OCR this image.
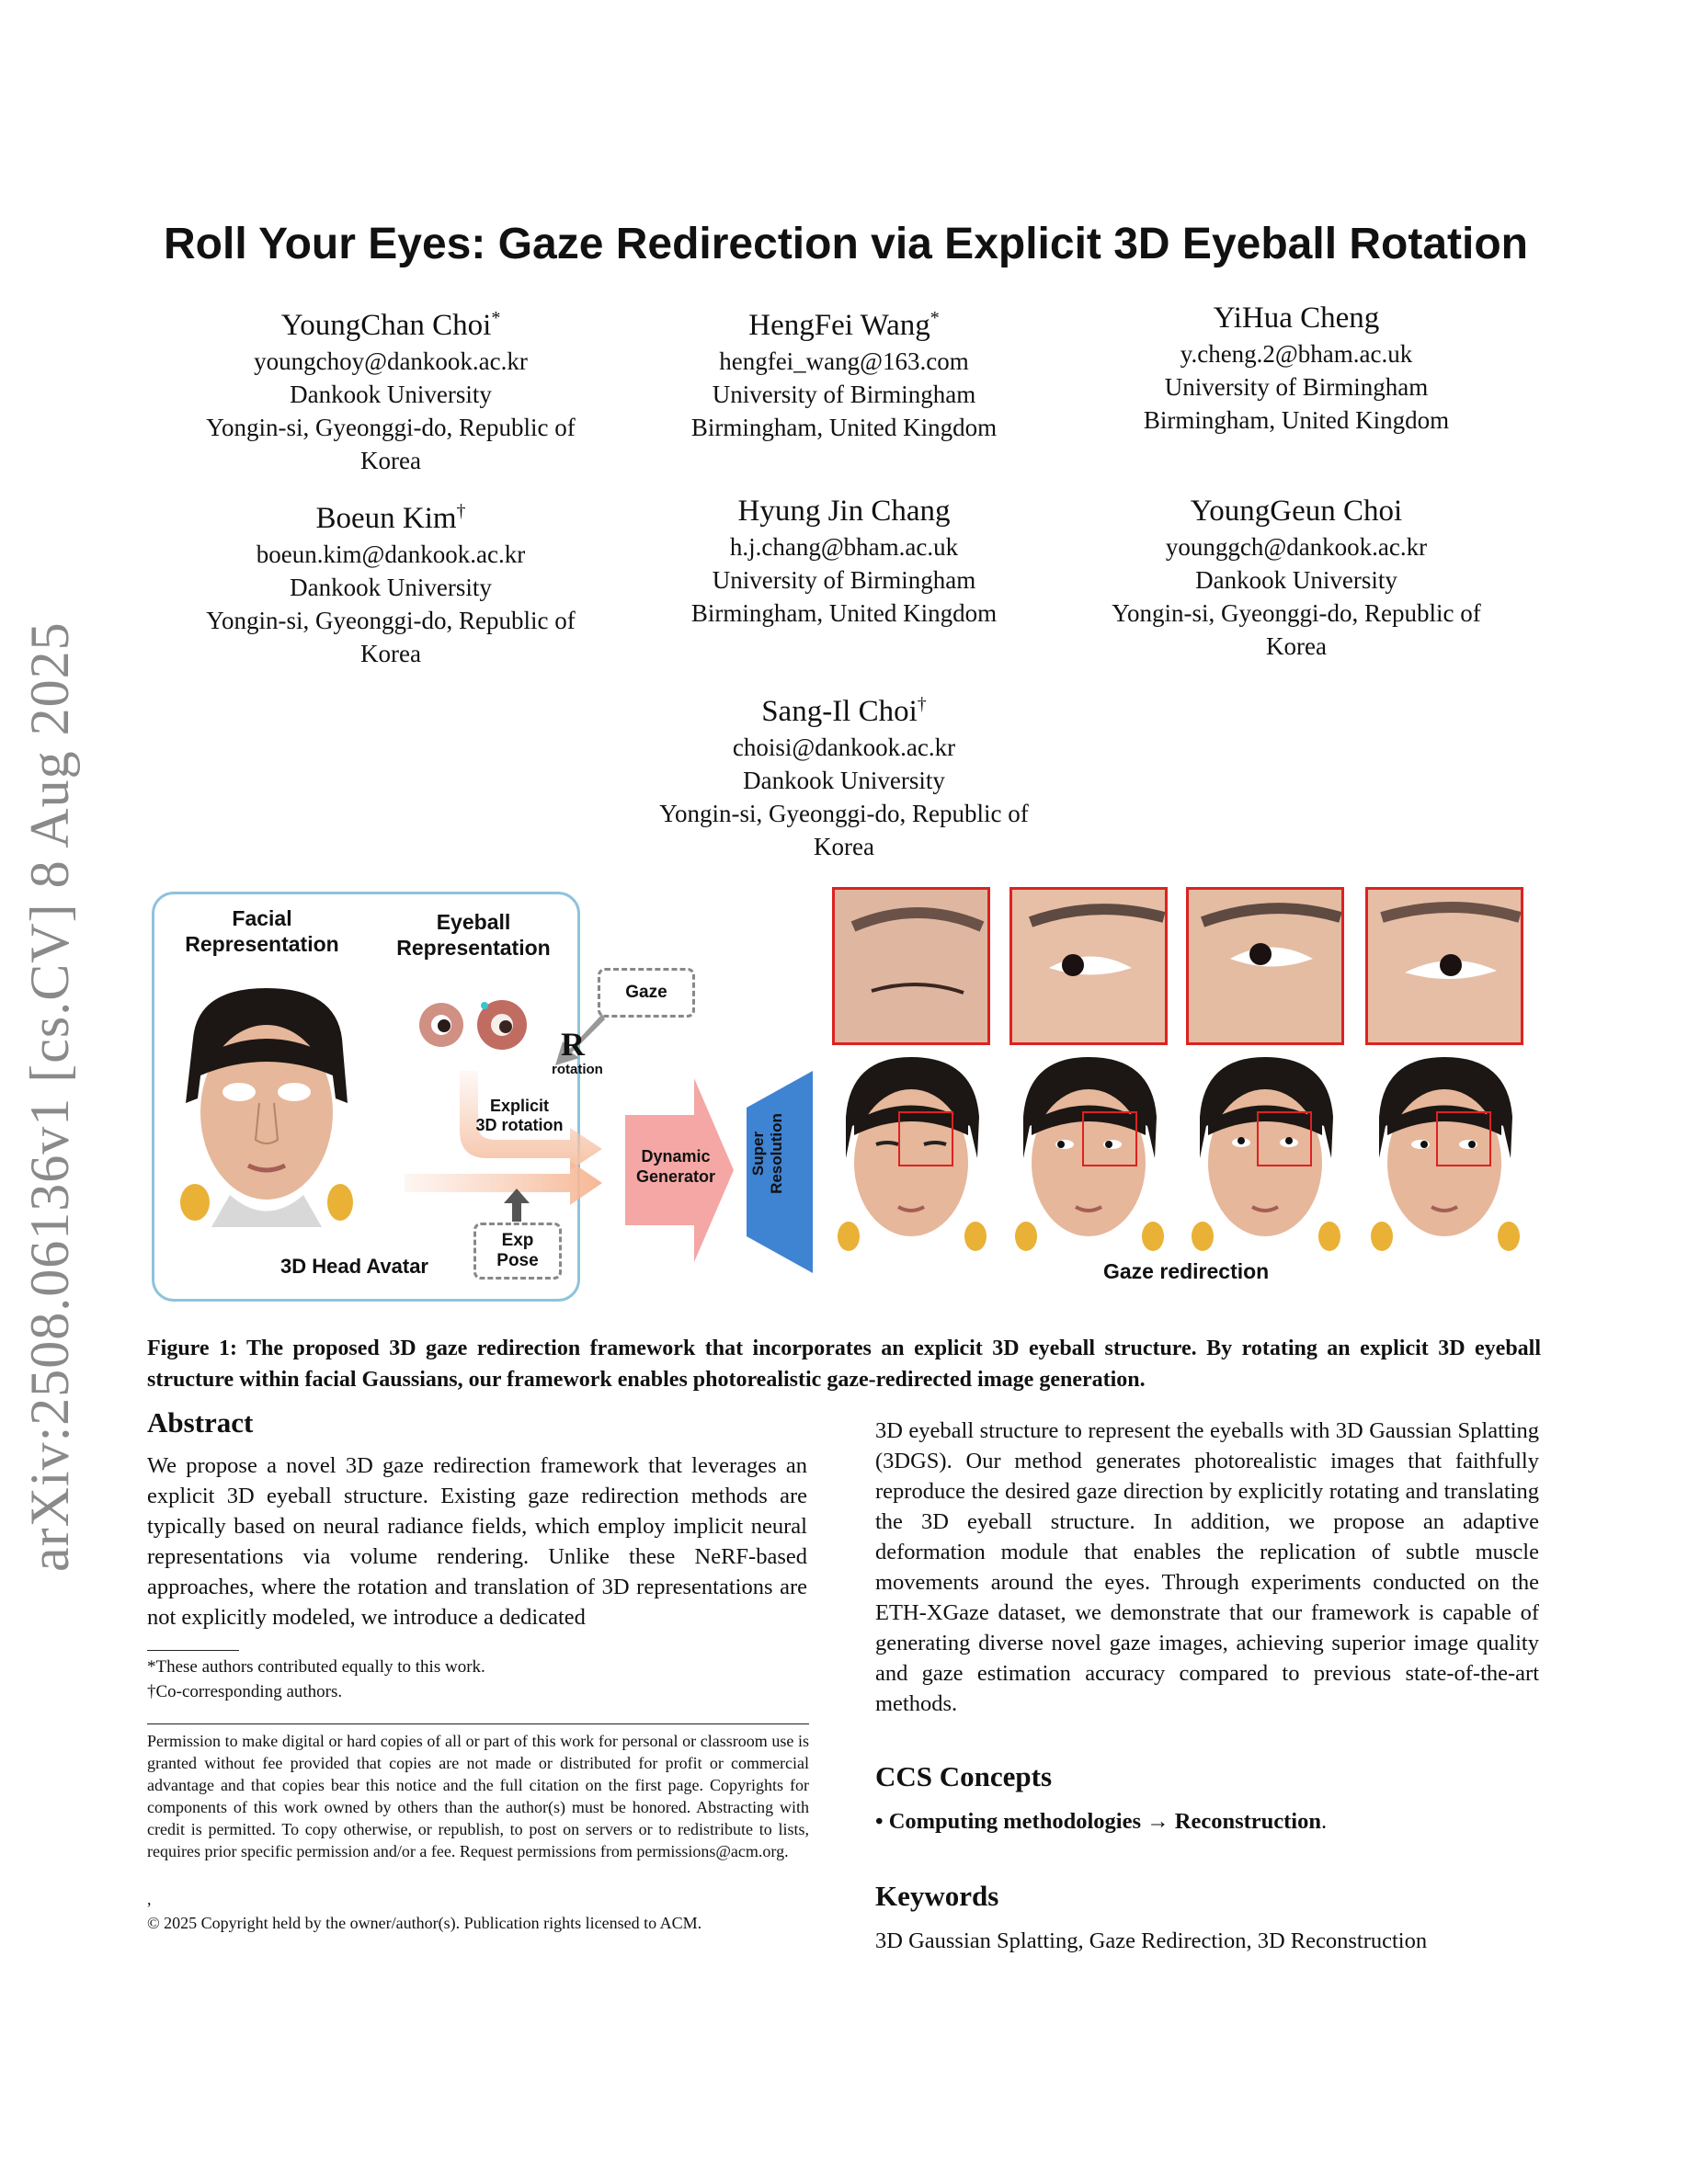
arXiv:2508.06136v1 [cs.CV] 8 Aug 2025
Roll Your Eyes: Gaze Redirection via Explicit 3D Eyeball Rotation
YoungChan Choi*
youngchoy@dankook.ac.kr
Dankook University
Yongin-si, Gyeonggi-do, Republic of
Korea
HengFei Wang*
hengfei_wang@163.com
University of Birmingham
Birmingham, United Kingdom
YiHua Cheng
y.cheng.2@bham.ac.uk
University of Birmingham
Birmingham, United Kingdom
Boeun Kim†
boeun.kim@dankook.ac.kr
Dankook University
Yongin-si, Gyeonggi-do, Republic of
Korea
Hyung Jin Chang
h.j.chang@bham.ac.uk
University of Birmingham
Birmingham, United Kingdom
YoungGeun Choi
younggch@dankook.ac.kr
Dankook University
Yongin-si, Gyeonggi-do, Republic of
Korea
Sang-Il Choi†
choisi@dankook.ac.kr
Dankook University
Yongin-si, Gyeonggi-do, Republic of
Korea
Facial
Representation
Eyeball
Representation
Gaze
R
rotation
Explicit
3D rotation
Exp
Pose
3D Head Avatar
Dynamic
Generator
Super Resolution
Gaze redirection

Figure 1: The proposed 3D gaze redirection framework that incorporates an explicit 3D eyeball structure. By rotating an explicit 3D eyeball structure within facial Gaussians, our framework enables photorealistic gaze-redirected image generation.

Abstract

We propose a novel 3D gaze redirection framework that leverages an explicit 3D eyeball structure. Existing gaze redirection methods are typically based on neural radiance fields, which employ implicit neural representations via volume rendering. Unlike these NeRF-based approaches, where the rotation and translation of 3D representations are not explicitly modeled, we introduce a dedicated

3D eyeball structure to represent the eyeballs with 3D Gaussian Splatting (3DGS). Our method generates photorealistic images that faithfully reproduce the desired gaze direction by explicitly rotating and translating the 3D eyeball structure. In addition, we propose an adaptive deformation module that enables the replication of subtle muscle movements around the eyes. Through experiments conducted on the ETH-XGaze dataset, we demonstrate that our framework is capable of generating diverse novel gaze images, achieving superior image quality and gaze estimation accuracy compared to previous state-of-the-art methods.

*These authors contributed equally to this work.

†Co-corresponding authors.

Permission to make digital or hard copies of all or part of this work for personal or classroom use is granted without fee provided that copies are not made or distributed for profit or commercial advantage and that copies bear this notice and the full citation on the first page. Copyrights for components of this work owned by others than the author(s) must be honored. Abstracting with credit is permitted. To copy otherwise, or republish, to post on servers or to redistribute to lists, requires prior specific permission and/or a fee. Request permissions from permissions@acm.org.

,

© 2025 Copyright held by the owner/author(s). Publication rights licensed to ACM.

CCS Concepts

• Computing methodologies → Reconstruction.

Keywords

3D Gaussian Splatting, Gaze Redirection, 3D Reconstruction
